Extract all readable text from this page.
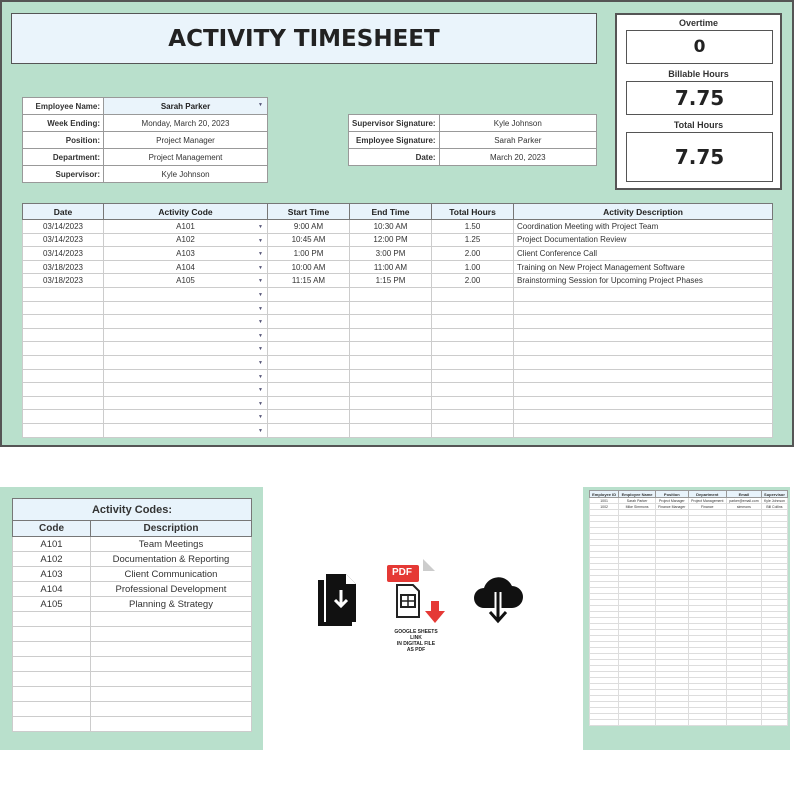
ACTIVITY TIMESHEET
Overtime
0
Billable Hours
7.75
Total Hours
7.75
Employee Name:	Sarah Parker ▼

Week Ending:	Monday, March 20, 2023
Position:	Project Manager
Department:	Project Management
Supervisor:	Kyle Johnson
Supervisor Signature:	Kyle Johnson
Employee Signature:	Sarah Parker
Date:	March 20, 2023
Date	Activity Code	Start Time	End Time	Total Hours	Activity Description
03/14/2023	A101 ▼	9:00 AM	10:30 AM	1.50	Coordination Meeting with Project Team
03/14/2023	A102 ▼	10:45 AM	12:00 PM	1.25	Project Documentation Review
03/14/2023	A103 ▼	1:00 PM	3:00 PM	2.00	Client Conference Call
03/18/2023	A104 ▼	10:00 AM	11:00 AM	1.00	Training on New Project Management Software
03/18/2023	A105 ▼	11:15 AM	1:15 PM	2.00	Brainstorming Session for Upcoming Project Phases

	▼				

	▼				

	▼				

	▼				

	▼				

	▼				

	▼				

	▼				

	▼				

	▼				

	▼				

Activity Codes:	
Code	Description
A101	Team Meetings
A102	Documentation & Reporting
A103	Client Communication
A104	Professional Development
A105	Planning & Strategy

PDF
GOOGLE SHEETS
LINK
IN DIGITAL FILE
AS PDF
Employee ID	Employee Name	Position	Department	Email	Supervisor
1001	Sarah Parker	Project Manager	Project Management	parker@email.com	Kyle Johnson
1002	Mike Simmons	Finance Manager	Finance	simmons	Bill Collins
